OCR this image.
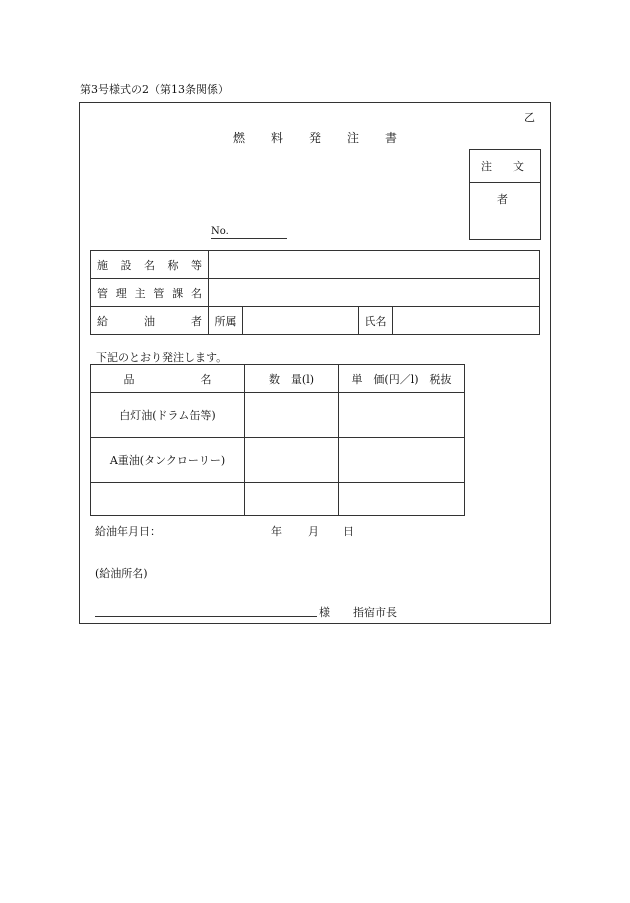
第3号様式の2（第13条関係）
乙
燃 料 発 注 書
注　文　者
No.
施設名称等				
管理主管課名				
給　　油　　者	所属		氏名	
下記のとおり発注します。
品　　　　　　名	数　量(l)	単　価(円／l)　税抜
白灯油(ドラム缶等)		
A重油(タンクローリー)		

給油年月日：	年 月 日
(給油所名)
様 指宿市長
